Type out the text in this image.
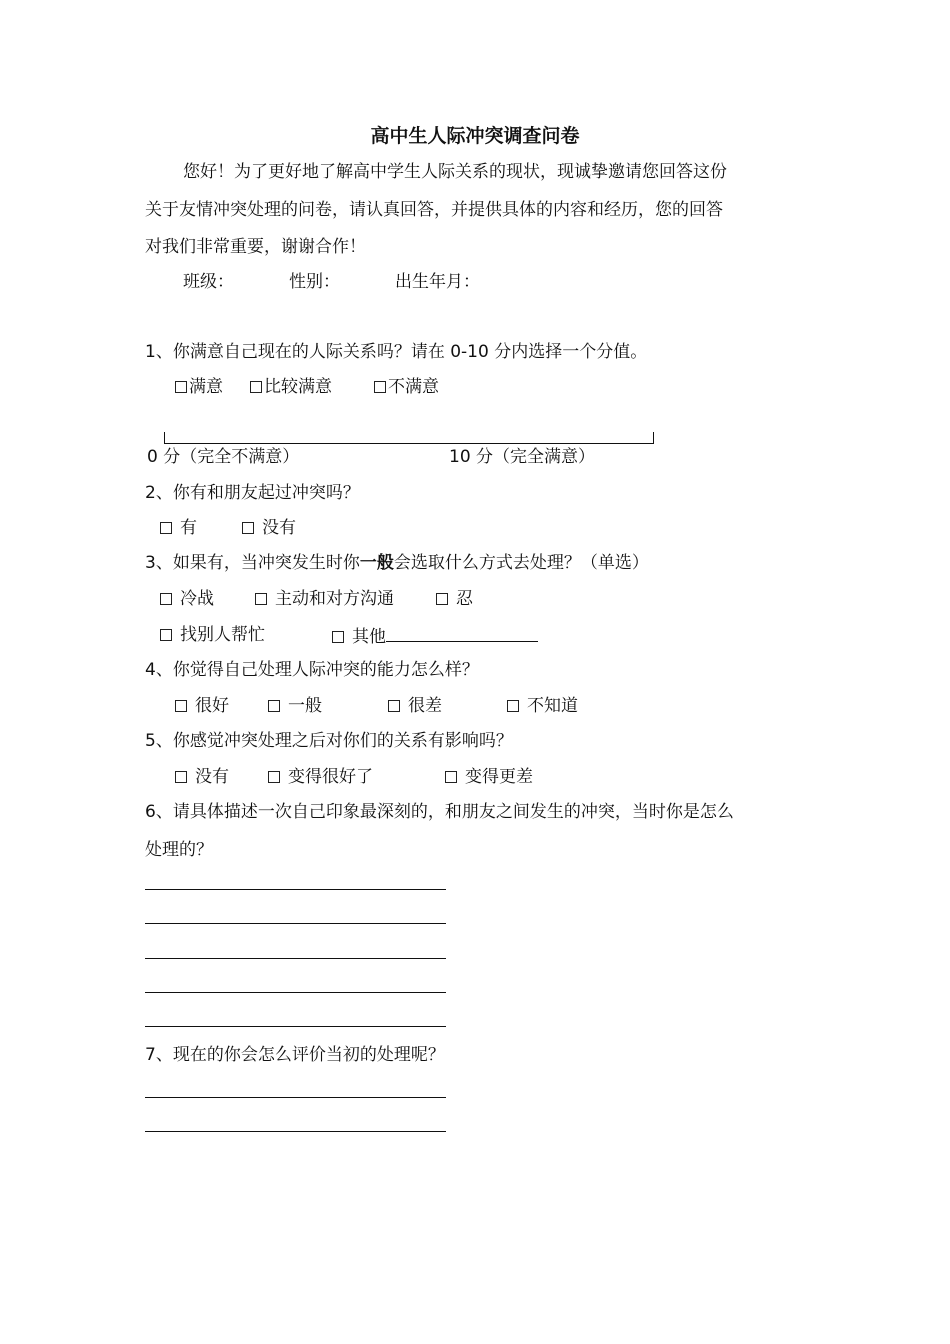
高中生人际冲突调查问卷
您好！为了更好地了解高中学生人际关系的现状，现诚挚邀请您回答这份
关于友情冲突处理的问卷，请认真回答，并提供具体的内容和经历，您的回答
对我们非常重要，谢谢合作！
班级：	性别：	出生年月：
1、你满意自己现在的人际关系吗？请在 0-10 分内选择一个分值。
满意	比较满意	不满意
0 分（完全不满意）	10 分（完全满意）
2、你有和朋友起过冲突吗？
有	没有
3、如果有，当冲突发生时你一般会选取什么方式去处理？（单选）
冷战	主动和对方沟通	忍
找别人帮忙	其他
4、你觉得自己处理人际冲突的能力怎么样？
很好	一般	很差	不知道
5、你感觉冲突处理之后对你们的关系有影响吗？
没有	变得很好了	变得更差
6、请具体描述一次自己印象最深刻的，和朋友之间发生的冲突，当时你是怎么
处理的？
7、现在的你会怎么评价当初的处理呢？
